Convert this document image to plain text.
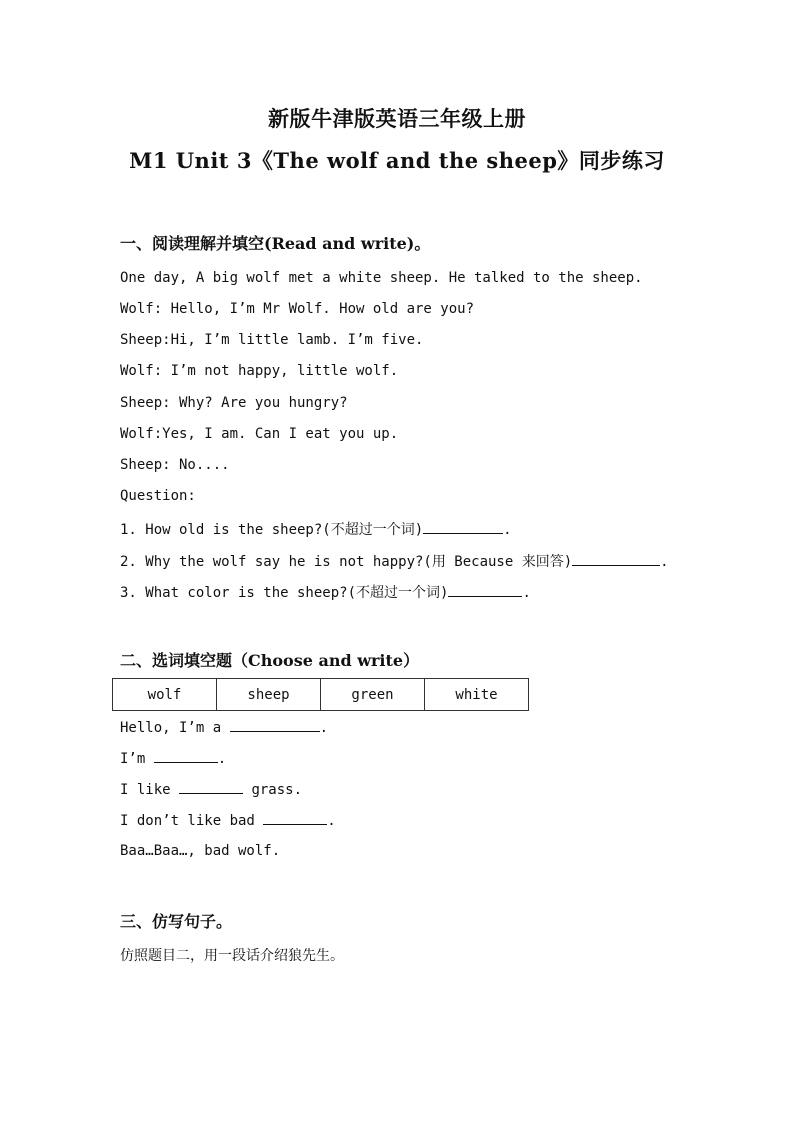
新版牛津版英语三年级上册
M1 Unit 3《The wolf and the sheep》同步练习
一、阅读理解并填空(Read and write)。
One day, A big wolf met a white sheep. He talked to the sheep.
Wolf: Hello, I’m Mr Wolf. How old are you?
Sheep:Hi, I’m little lamb. I’m five.
Wolf: I’m not happy, little wolf.
Sheep: Why? Are you hungry?
Wolf:Yes, I am. Can I eat you up.
Sheep: No....
Question:
1. How old is the sheep?(不超过一个词)	.
2. Why the wolf say he is not happy?(用 Because 来回答)	.
3. What color is the sheep?(不超过一个词)	.
二、选词填空题（Choose and write）
wolf	sheep	green	white
Hello, I’m a	.
I’m	.
I like	grass.
I don’t like bad	.
Baa…Baa…, bad wolf.
三、仿写句子。
仿照题目二，用一段话介绍狼先生。
